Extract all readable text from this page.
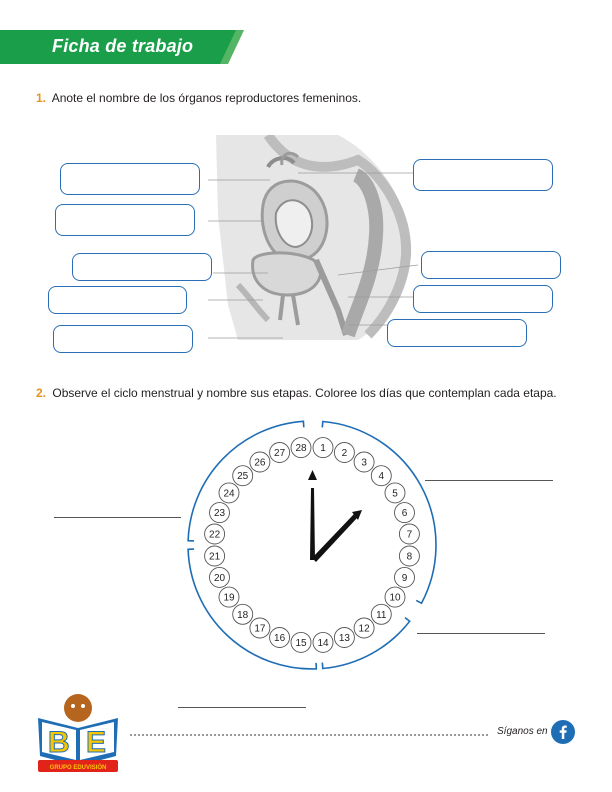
Ficha de trabajo
1. Anote el nombre de los órganos reproductores femeninos.
2. Observe el ciclo menstrual y nombre sus etapas. Coloree los días que contemplan cada etapa.
1 2
3
4
5
6
7
8
9
10
11
12
13
14
15
16
17
18
19
20
21
22
23
24
25
26
27 28
B E
GRUPO EDUVISIÓN
Síganos en
